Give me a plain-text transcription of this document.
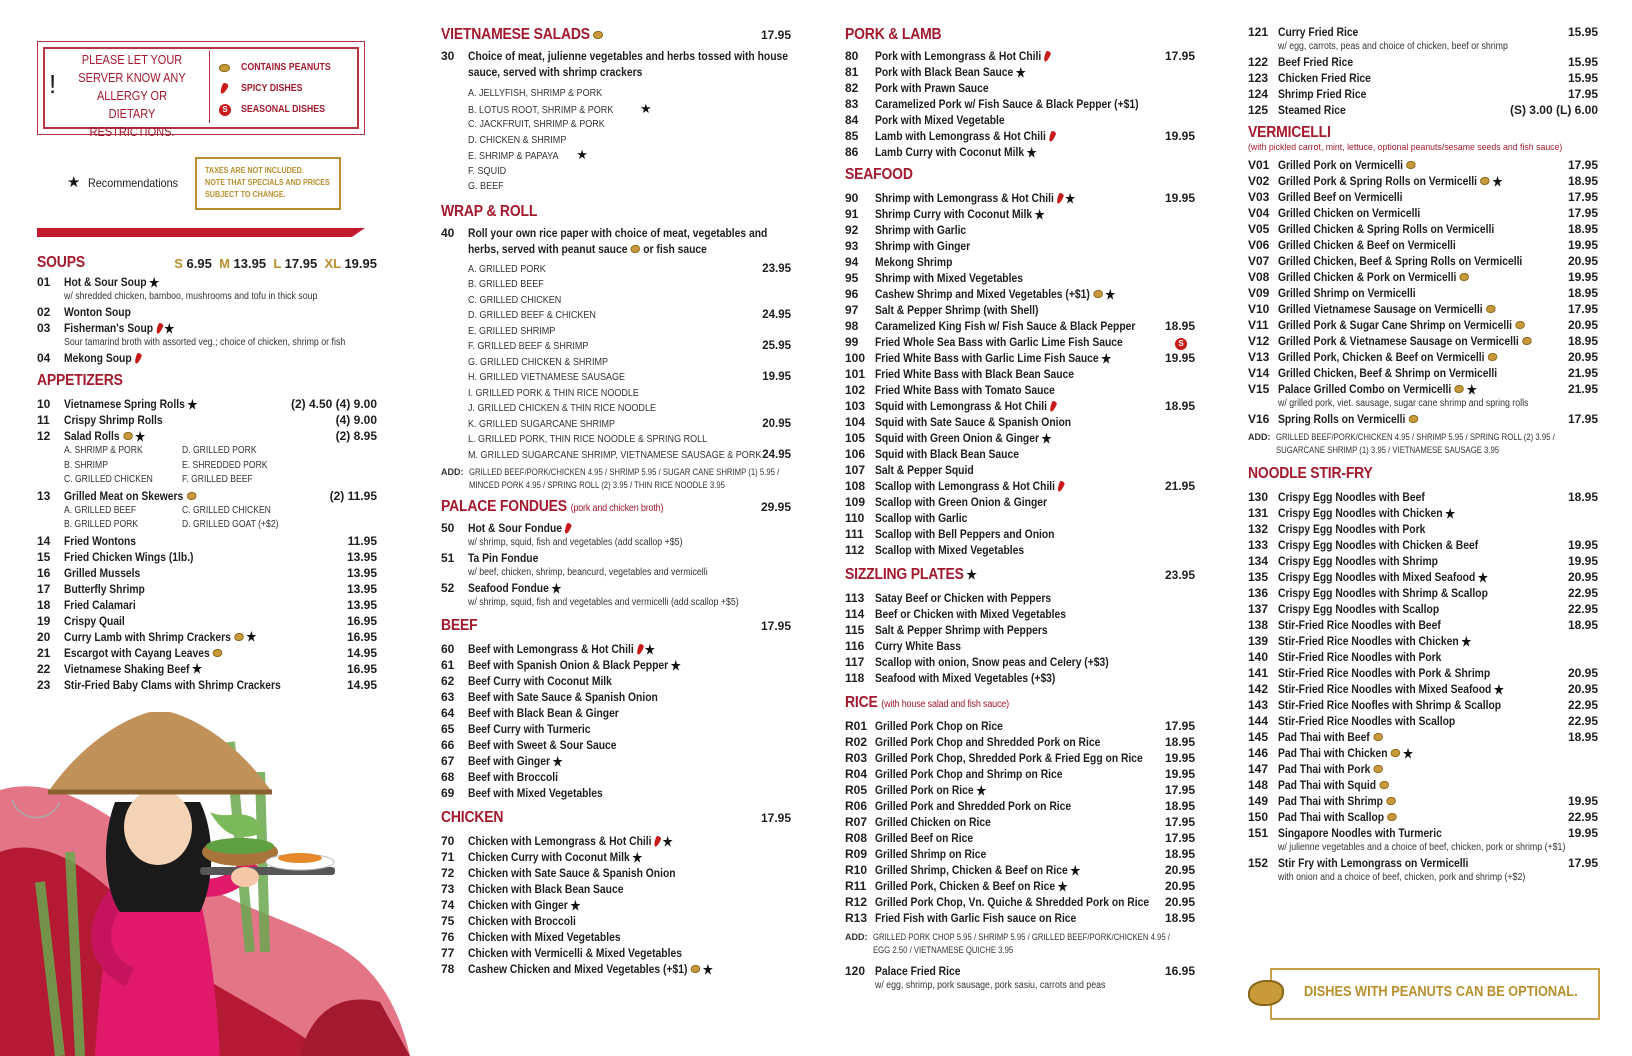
!
PLEASE LET YOUR
SERVER KNOW ANY
ALLERGY OR DIETARY
RESTRICTIONS.
CONTAINS PEANUTS
SPICY DISHES
S	SEASONAL DISHES
★ Recommendations
TAXES ARE NOT INCLUDED.
NOTE THAT SPECIALS AND PRICES
SUBJECT TO CHANGE.
SOUPS	S 6.95 M 13.95 L 17.95 XL 19.95
01	Hot & Sour Soup ★
w/ shredded chicken, bamboo, mushrooms and tofu in thick soup
02	Wonton Soup
03	Fisherman's Soup ★
Sour tamarind broth with assorted veg.; choice of chicken, shrimp or fish
04	Mekong Soup
APPETIZERS
10	Vietnamese Spring Rolls ★	(2) 4.50 (4) 9.00
11	Crispy Shrimp Rolls	(4) 9.00
12	Salad Rolls ★	(2) 8.95
A. SHRIMP & PORK	D. GRILLED PORK
B. SHRIMP	E. SHREDDED PORK
C. GRILLED CHICKEN	F. GRILLED BEEF
13	Grilled Meat on Skewers	(2) 11.95
A. GRILLED BEEF	C. GRILLED CHICKEN
B. GRILLED PORK	D. GRILLED GOAT (+$2)
14	Fried Wontons	11.95
15	Fried Chicken Wings (1lb.)	13.95
16	Grilled Mussels	13.95
17	Butterfly Shrimp	13.95
18	Fried Calamari	13.95
19	Crispy Quail	16.95
20	Curry Lamb with Shrimp Crackers ★	16.95
21	Escargot with Cayang Leaves	14.95
22	Vietnamese Shaking Beef ★	16.95
23	Stir-Fried Baby Clams with Shrimp Crackers	14.95
VIETNAMESE SALADS	17.95
30	Choice of meat, julienne vegetables and herbs tossed with house
sauce, served with shrimp crackers
A. JELLYFISH, SHRIMP & PORK
B. LOTUS ROOT, SHRIMP & PORK ★
C. JACKFRUIT, SHRIMP & PORK
D. CHICKEN & SHRIMP
E. SHRIMP & PAPAYA ★
F. SQUID
G. BEEF
WRAP & ROLL
40	Roll your own rice paper with choice of meat, vegetables and
herbs, served with peanut sauce
or fish sauce
A. GRILLED PORK	23.95
B. GRILLED BEEF
C. GRILLED CHICKEN
D. GRILLED BEEF & CHICKEN	24.95
E. GRILLED SHRIMP
F. GRILLED BEEF & SHRIMP	25.95
G. GRILLED CHICKEN & SHRIMP
H. GRILLED VIETNAMESE SAUSAGE	19.95
I. GRILLED PORK & THIN RICE NOODLE
J. GRILLED CHICKEN & THIN RICE NOODLE
K. GRILLED SUGARCANE SHRIMP	20.95
L. GRILLED PORK, THIN RICE NOODLE & SPRING ROLL
M. GRILLED SUGARCANE SHRIMP, VIETNAMESE SAUSAGE & PORK 24.95
ADD: GRILLED BEEF/PORK/CHICKEN 4.95 / SHRIMP 5.95 / SUGAR CANE SHRIMP (1) 5.95 /
MINCED PORK 4.95 / SPRING ROLL (2) 3.95 / THIN RICE NOODLE 3.95
PALACE FONDUES (pork and chicken broth)	29.95
50	Hot & Sour Fondue
w/ shrimp, squid, fish and vegetables (add scallop +$5)
51	Ta Pin Fondue
w/ beef, chicken, shrimp, beancurd, vegetables and vermicelli
52	Seafood Fondue ★
w/ shrimp, squid, fish and vegetables and vermicelli (add scallop +$5)
BEEF	17.95
60	Beef with Lemongrass & Hot Chili ★
61	Beef with Spanish Onion & Black Pepper ★
62	Beef Curry with Coconut Milk
63	Beef with Sate Sauce & Spanish Onion
64	Beef with Black Bean & Ginger
65	Beef Curry with Turmeric
66	Beef with Sweet & Sour Sauce
67	Beef with Ginger ★
68	Beef with Broccoli
69	Beef with Mixed Vegetables
CHICKEN	17.95
70	Chicken with Lemongrass & Hot Chili ★
71	Chicken Curry with Coconut Milk ★
72	Chicken with Sate Sauce & Spanish Onion
73	Chicken with Black Bean Sauce
74	Chicken with Ginger ★
75	Chicken with Broccoli
76	Chicken with Mixed Vegetables
77	Chicken with Vermicelli & Mixed Vegetables
78	Cashew Chicken and Mixed Vegetables (+$1) ★
PORK & LAMB
80	Pork with Lemongrass & Hot Chili	17.95
81	Pork with Black Bean Sauce ★
82	Pork with Prawn Sauce
83	Caramelized Pork w/ Fish Sauce & Black Pepper (+$1)
84	Pork with Mixed Vegetable
85	Lamb with Lemongrass & Hot Chili	19.95
86	Lamb Curry with Coconut Milk ★
SEAFOOD
90	Shrimp with Lemongrass & Hot Chili ★	19.95
91	Shrimp Curry with Coconut Milk ★
92	Shrimp with Garlic
93	Shrimp with Ginger
94	Mekong Shrimp
95	Shrimp with Mixed Vegetables
96	Cashew Shrimp and Mixed Vegetables (+$1) ★
97	Salt & Pepper Shrimp (with Shell)
98	Caramelized King Fish w/ Fish Sauce & Black Pepper 18.95
99	Fried Whole Sea Bass with Garlic Lime Fish Sauce	S
100 Fried White Bass with Garlic Lime Fish Sauce ★	19.95
101 Fried White Bass with Black Bean Sauce
102 Fried White Bass with Tomato Sauce
103 Squid with Lemongrass & Hot Chili	18.95
104 Squid with Sate Sauce & Spanish Onion
105 Squid with Green Onion & Ginger ★
106 Squid with Black Bean Sauce
107 Salt & Pepper Squid
108 Scallop with Lemongrass & Hot Chili	21.95
109 Scallop with Green Onion & Ginger
110 Scallop with Garlic
111 Scallop with Bell Peppers and Onion
112 Scallop with Mixed Vegetables
SIZZLING PLATES ★	23.95
113 Satay Beef or Chicken with Peppers
114 Beef or Chicken with Mixed Vegetables
115 Salt & Pepper Shrimp with Peppers
116 Curry White Bass
117 Scallop with onion, Snow peas and Celery (+$3)
118 Seafood with Mixed Vegetables (+$3)
RICE (with house salad and fish sauce)
R01 Grilled Pork Chop on Rice	17.95
R02 Grilled Pork Chop and Shredded Pork on Rice	18.95
R03 Grilled Pork Chop, Shredded Pork & Fried Egg on Rice 19.95
R04 Grilled Pork Chop and Shrimp on Rice	19.95
R05 Grilled Pork on Rice ★	17.95
R06 Grilled Pork and Shredded Pork on Rice	18.95
R07 Grilled Chicken on Rice	17.95
R08 Grilled Beef on Rice	17.95
R09 Grilled Shrimp on Rice	18.95
R10 Grilled Shrimp, Chicken & Beef on Rice ★	20.95
R11 Grilled Pork, Chicken & Beef on Rice ★	20.95
R12 Grilled Pork Chop, Vn. Quiche & Shredded Pork on Rice 20.95
R13 Fried Fish with Garlic Fish sauce on Rice	18.95
ADD: GRILLED PORK CHOP 5.95 / SHRIMP 5.95 / GRILLED BEEF/PORK/CHICKEN 4.95 /
EGG 2.50 / VIETNAMESE QUICHE 3.95
120 Palace Fried Rice	16.95
w/ egg, shrimp, pork sausage, pork sasiu, carrots and peas
121 Curry Fried Rice	15.95
w/ egg, carrots, peas and choice of chicken, beef or shrimp
122 Beef Fried Rice	15.95
123 Chicken Fried Rice	15.95
124 Shrimp Fried Rice	17.95
125 Steamed Rice	(S) 3.00 (L) 6.00
VERMICELLI
(with pickled carrot, mint, lettuce, optional peanuts/sesame seeds and fish sauce)
V01 Grilled Pork on Vermicelli	17.95
V02 Grilled Pork & Spring Rolls on Vermicelli ★	18.95
V03 Grilled Beef on Vermicelli	17.95
V04 Grilled Chicken on Vermicelli	17.95
V05 Grilled Chicken & Spring Rolls on Vermicelli	18.95
V06 Grilled Chicken & Beef on Vermicelli	19.95
V07 Grilled Chicken, Beef & Spring Rolls on Vermicelli	20.95
V08 Grilled Chicken & Pork on Vermicelli	19.95
V09 Grilled Shrimp on Vermicelli	18.95
V10 Grilled Vietnamese Sausage on Vermicelli	17.95
V11 Grilled Pork & Sugar Cane Shrimp on Vermicelli	20.95
V12 Grilled Pork & Vietnamese Sausage on Vermicelli	18.95
V13 Grilled Pork, Chicken & Beef on Vermicelli	20.95
V14 Grilled Chicken, Beef & Shrimp on Vermicelli	21.95
V15 Palace Grilled Combo on Vermicelli ★	21.95
w/ grilled pork, viet. sausage, sugar cane shrimp and spring rolls
V16 Spring Rolls on Vermicelli	17.95
ADD: GRILLED BEEF/PORK/CHICKEN 4.95 / SHRIMP 5.95 / SPRING ROLL (2) 3.95 /
SUGARCANE SHRIMP (1) 3.95 / VIETNAMESE SAUSAGE 3.95
NOODLE STIR-FRY
130 Crispy Egg Noodles with Beef	18.95
131 Crispy Egg Noodles with Chicken ★
132 Crispy Egg Noodles with Pork
133 Crispy Egg Noodles with Chicken & Beef	19.95
134 Crispy Egg Noodles with Shrimp	19.95
135 Crispy Egg Noodles with Mixed Seafood ★	20.95
136 Crispy Egg Noodles with Shrimp & Scallop	22.95
137 Crispy Egg Noodles with Scallop	22.95
138 Stir-Fried Rice Noodles with Beef	18.95
139 Stir-Fried Rice Noodles with Chicken ★
140 Stir-Fried Rice Noodles with Pork
141 Stir-Fried Rice Noodles with Pork & Shrimp	20.95
142 Stir-Fried Rice Noodles with Mixed Seafood ★	20.95
143 Stir-Fried Rice Noofles with Shrimp & Scallop	22.95
144 Stir-Fried Rice Noodles with Scallop	22.95
145 Pad Thai with Beef	18.95
146 Pad Thai with Chicken ★
147 Pad Thai with Pork
148 Pad Thai with Squid
149 Pad Thai with Shrimp	19.95
150 Pad Thai with Scallop	22.95
151 Singapore Noodles with Turmeric	19.95
w/ julienne vegetables and a choice of beef, chicken, pork or shrimp (+$1)
152 Stir Fry with Lemongrass on Vermicelli	17.95
with onion and a choice of beef, chicken, pork and shrimp (+$2)
DISHES WITH PEANUTS CAN BE OPTIONAL.
